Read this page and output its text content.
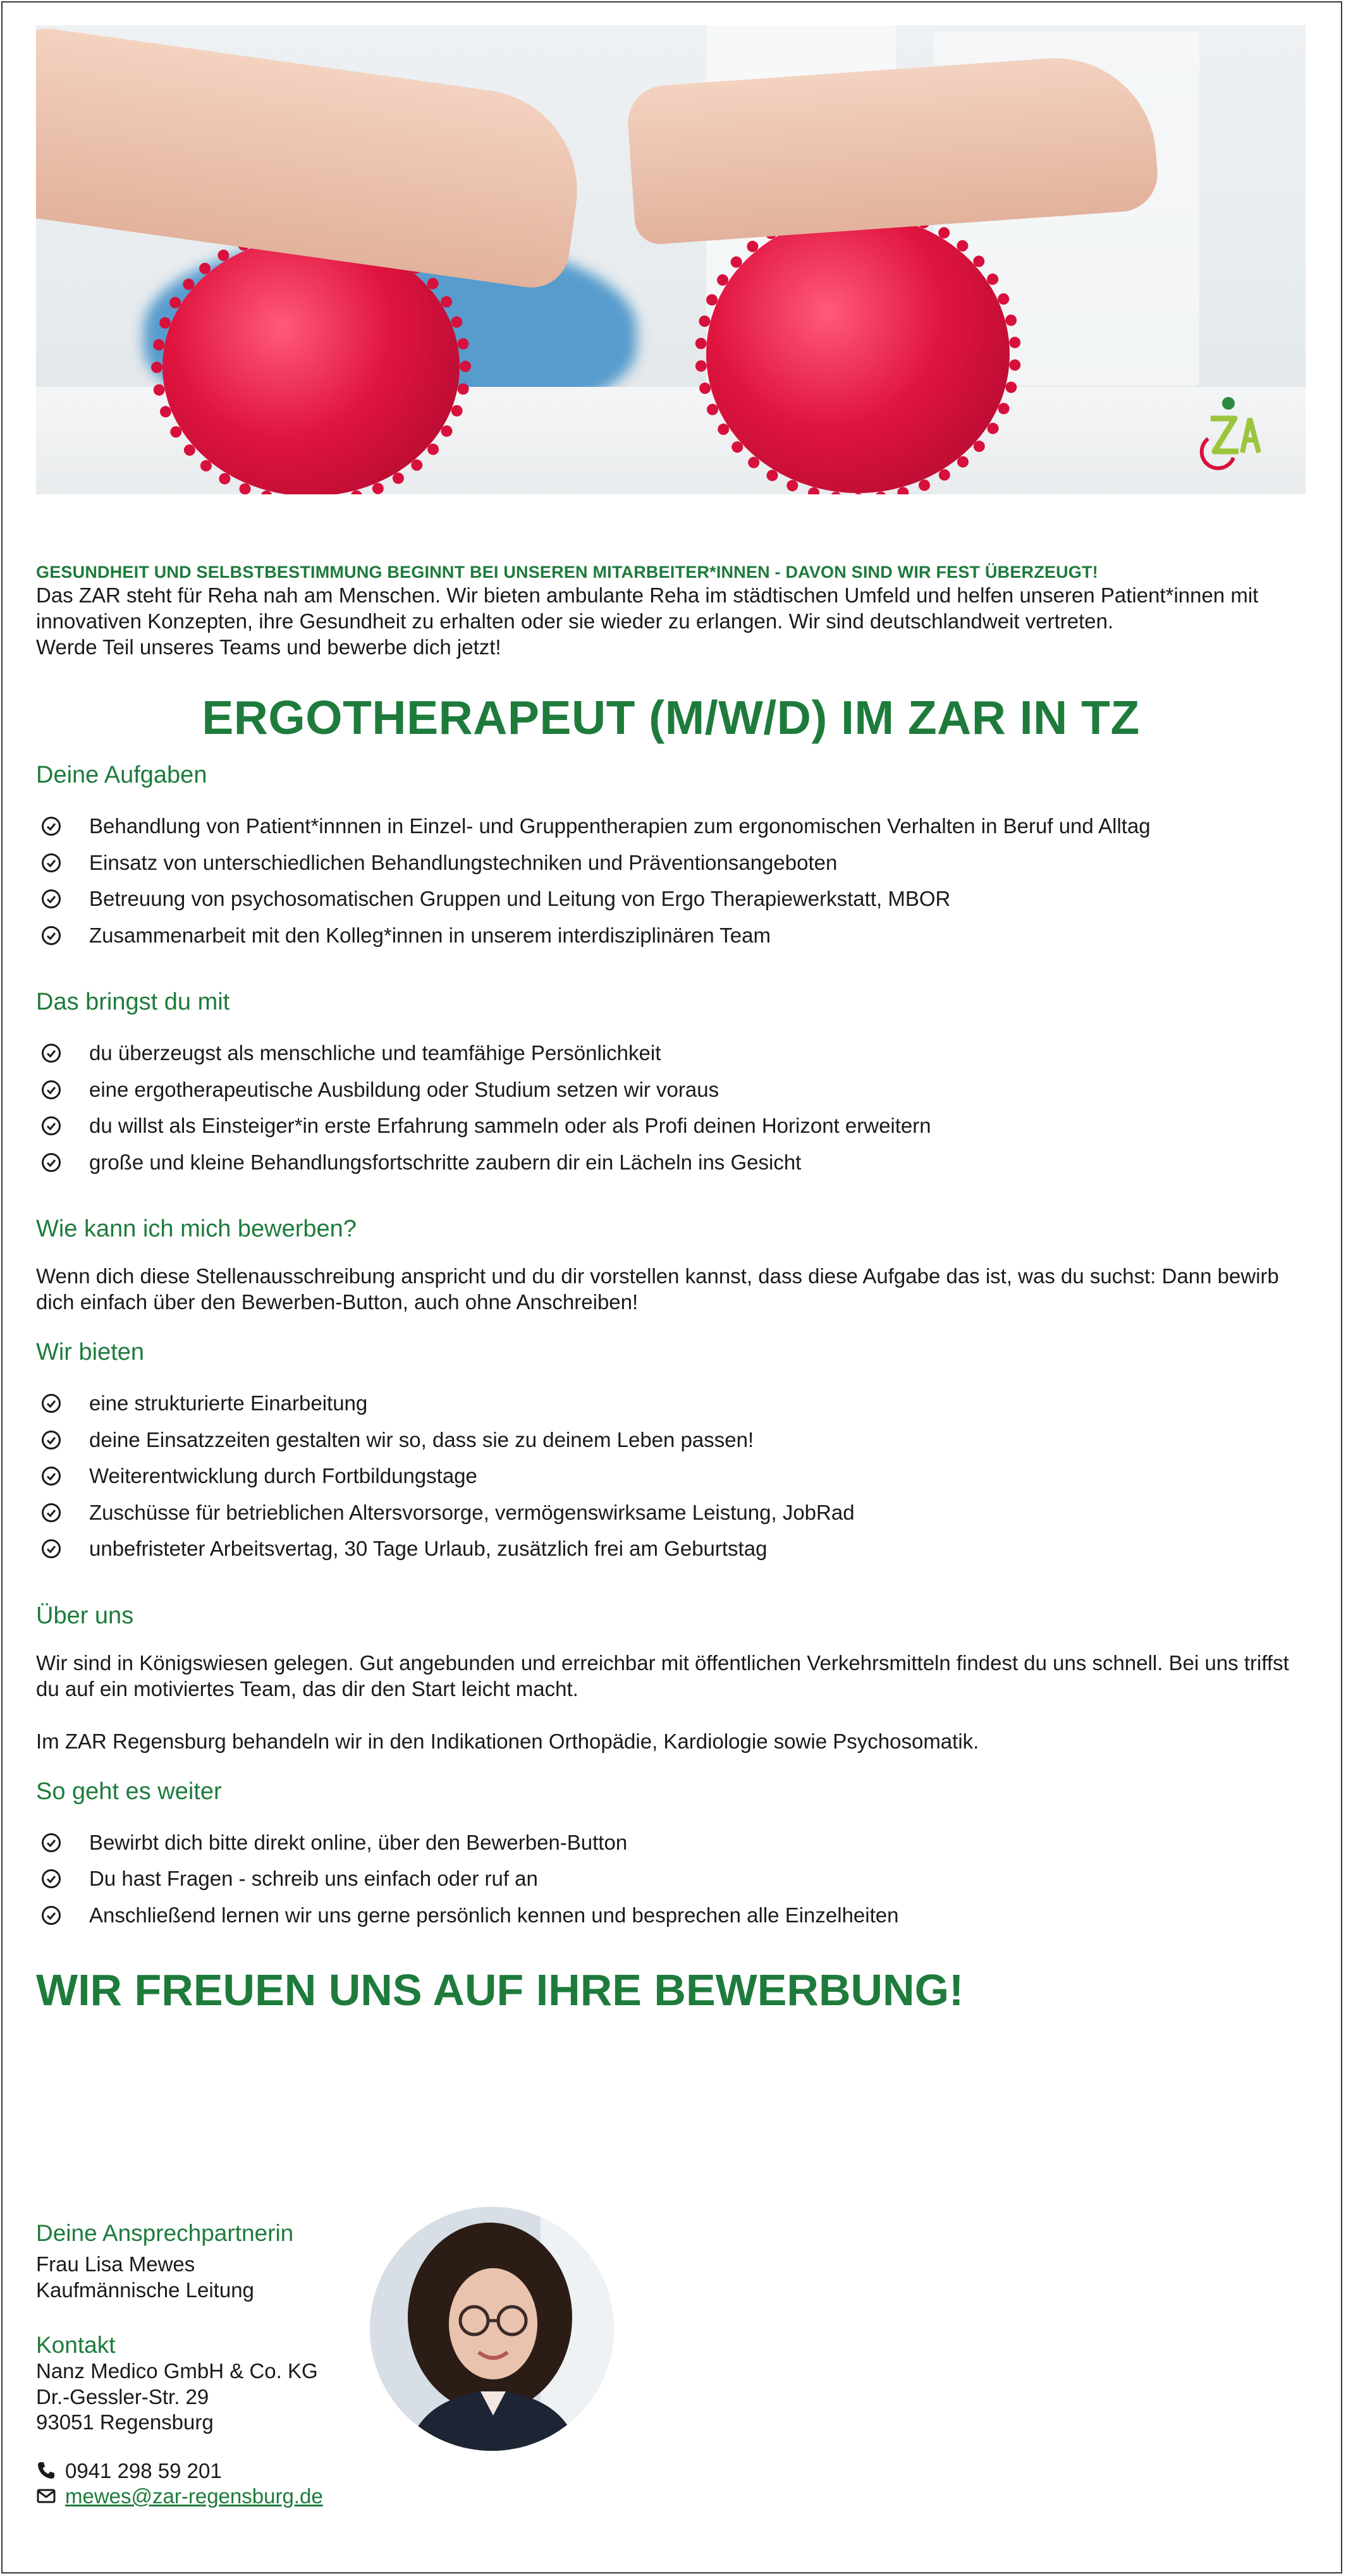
GESUNDHEIT UND SELBSTBESTIMMUNG BEGINNT BEI UNSEREN MITARBEITER*INNEN - DAVON SIND WIR FEST ÜBERZEUGT!

Das ZAR steht für Reha nah am Menschen. Wir bieten ambulante Reha im städtischen Umfeld und helfen unseren Patient*innen mit innovativen Konzepten, ihre Gesundheit zu erhalten oder sie wieder zu erlangen. Wir sind deutschlandweit vertreten.

Werde Teil unseres Teams und bewerbe dich jetzt!

ERGOTHERAPEUT (M/W/D) IM ZAR IN TZ
Deine Aufgaben
Behandlung von Patient*innnen in Einzel- und Gruppentherapien zum ergonomischen Verhalten in Beruf und Alltag
Einsatz von unterschiedlichen Behandlungstechniken und Präventionsangeboten
Betreuung von psychosomatischen Gruppen und Leitung von Ergo Therapiewerkstatt, MBOR
Zusammenarbeit mit den Kolleg*innen in unserem interdisziplinären Team
Das bringst du mit
du überzeugst als menschliche und teamfähige Persönlichkeit
eine ergotherapeutische Ausbildung oder Studium setzen wir voraus
du willst als Einsteiger*in erste Erfahrung sammeln oder als Profi deinen Horizont erweitern
große und kleine Behandlungsfortschritte zaubern dir ein Lächeln ins Gesicht
Wie kann ich mich bewerben?

Wenn dich diese Stellenausschreibung anspricht und du dir vorstellen kannst, dass diese Aufgabe das ist, was du suchst: Dann bewirb dich einfach über den Bewerben-Button, auch ohne Anschreiben!

Wir bieten
eine strukturierte Einarbeitung
deine Einsatzzeiten gestalten wir so, dass sie zu deinem Leben passen!
Weiterentwicklung durch Fortbildungstage
Zuschüsse für betrieblichen Altersvorsorge, vermögenswirksame Leistung, JobRad
unbefristeter Arbeitsvertag, 30 Tage Urlaub, zusätzlich frei am Geburtstag
Über uns

Wir sind in Königswiesen gelegen. Gut angebunden und erreichbar mit öffentlichen Verkehrsmitteln findest du uns schnell. Bei uns triffst du auf ein motiviertes Team, das dir den Start leicht macht.

Im ZAR Regensburg behandeln wir in den Indikationen Orthopädie, Kardiologie sowie Psychosomatik.

So geht es weiter
Bewirbt dich bitte direkt online, über den Bewerben-Button
Du hast Fragen - schreib uns einfach oder ruf an
Anschließend lernen wir uns gerne persönlich kennen und besprechen alle Einzelheiten
WIR FREUEN UNS AUF IHRE BEWERBUNG!
Deine Ansprechpartnerin
Frau Lisa Mewes
Kaufmännische Leitung
Kontakt
Nanz Medico GmbH & Co. KG
Dr.-Gessler-Str. 29
93051 Regensburg
0941 298 59 201
mewes@zar-regensburg.de
